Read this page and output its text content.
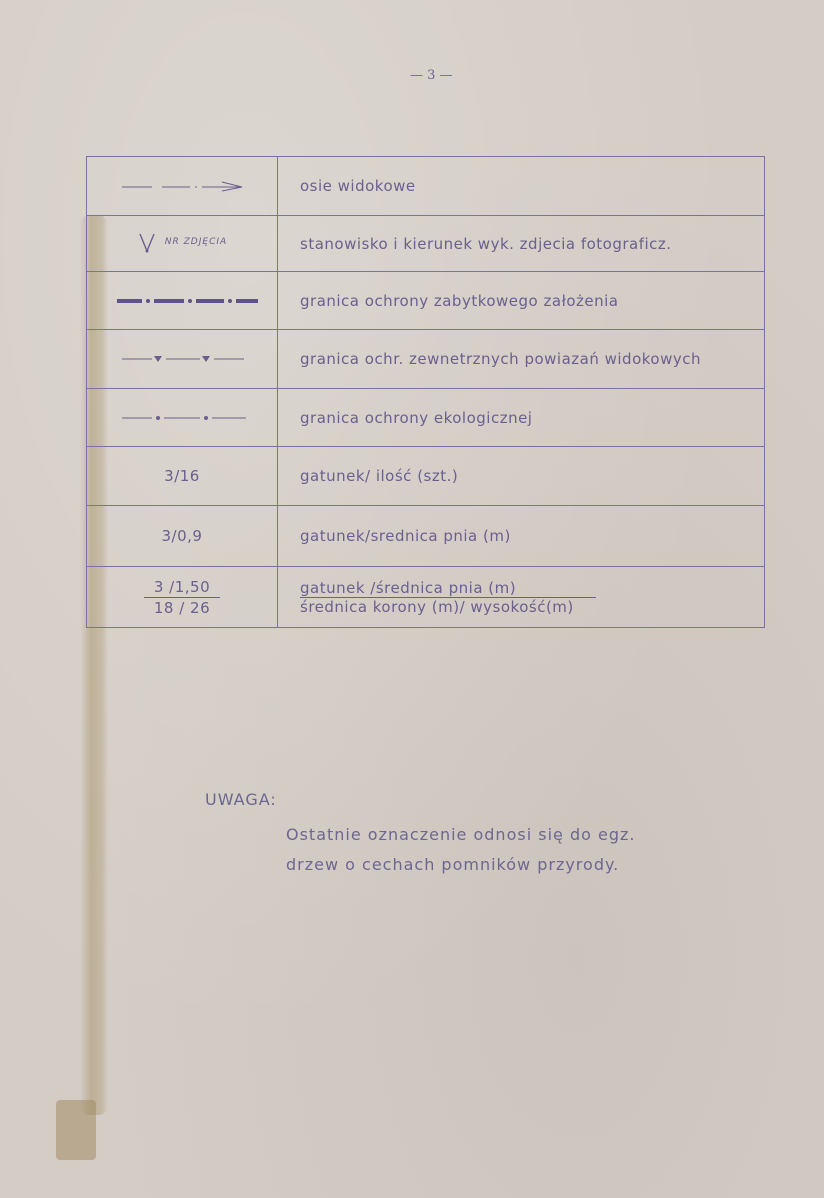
— 3 —
	osie widokowe

NR ZDJĘCIA	stanowisko i kierunek wyk. zdjecia fotograficz.

	granica ochrony zabytkowego założenia

	granica ochr. zewnetrznych powiazań widokowych

	granica ochrony ekologicznej
3/16	gatunek/ ilość (szt.)
3/0,9	gatunek/srednica pnia (m)

$\frac{3 /1,50}{18 / 26}$	gatunek /średnica pnia (m)
średnica korony (m)/ wysokość(m)
UWAGA:
Ostatnie oznaczenie odnosi się do egz.
drzew o cechach pomników przyrody.
